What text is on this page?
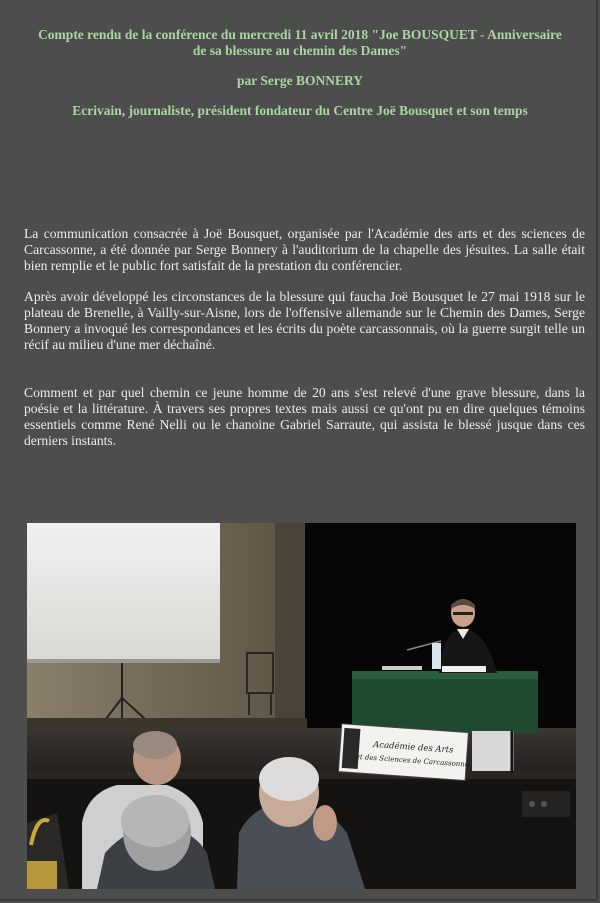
Compte rendu de la conférence du mercredi 11 avril 2018 "Joe BOUSQUET - Anniversaire
de sa blessure au chemin des Dames"

par Serge BONNERY

Ecrivain, journaliste, président fondateur du Centre Joë Bousquet et son temps

La communication consacrée à Joë Bousquet, organisée par l'Académie des arts et des sciences de Carcassonne, a été donnée par Serge Bonnery à l'auditorium de la chapelle des jésuites. La salle était bien remplie et le public fort satisfait de la prestation du conférencier.

Après avoir développé les circonstances de la blessure qui faucha Joë Bousquet le 27 mai 1918 sur le plateau de Brenelle, à Vailly-sur-Aisne, lors de l'offensive allemande sur le Chemin des Dames, Serge Bonnery a invoqué les correspondances et les écrits du poète carcassonnais, où la guerre surgit telle un récif au milieu d'une mer déchaîné.

Comment et par quel chemin ce jeune homme de 20 ans s'est relevé d'une grave blessure, dans la poésie et la littérature. À travers ses propres textes mais aussi ce qu'ont pu en dire quelques témoins essentiels comme René Nelli ou le chanoine Gabriel Sarraute, qui assista le blessé jusque dans ces derniers instants.

Académie des Arts
et des Sciences de Carcassonne
